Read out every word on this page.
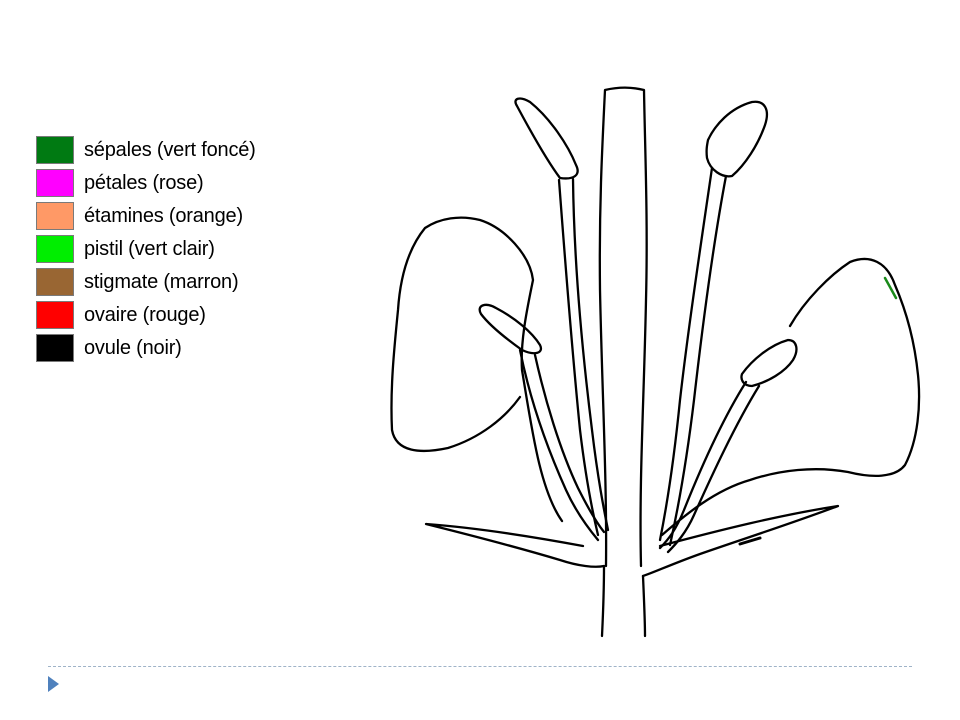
sépales (vert foncé)
pétales (rose)
étamines (orange)
pistil (vert clair)
stigmate (marron)
ovaire (rouge)
ovule (noir)
